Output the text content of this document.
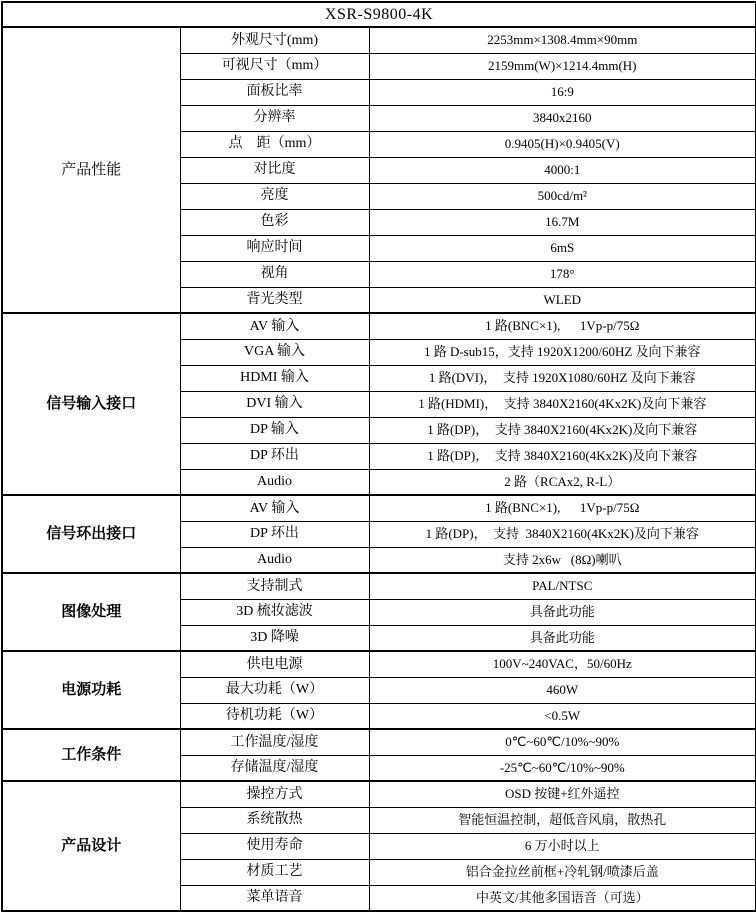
XSR-S9800-4K		
产品性能	外观尺寸(mm)	2253mm×1308.4mm×90mm
	可视尺寸（mm）	2159mm(W)×1214.4mm(H)
	面板比率	16:9
	分辨率	3840x2160
	点　距（mm）	0.9405(H)×0.9405(V)
	对比度	4000:1
	亮度	500cd/m²
	色彩	16.7M
	响应时间	6mS
	视角	178°
	背光类型	WLED
信号输入接口	AV 输入	1 路(BNC×1),      1Vp-p/75Ω
	VGA 输入	1 路 D-sub15，支持 1920X1200/60HZ 及向下兼容
	HDMI 输入	1 路(DVI)，  支持 1920X1080/60HZ 及向下兼容
	DVI 输入	1 路(HDMI)，  支持 3840X2160(4Kx2K)及向下兼容
	DP 输入	1 路(DP)，  支持 3840X2160(4Kx2K)及向下兼容
	DP 环出	1 路(DP)，  支持 3840X2160(4Kx2K)及向下兼容
	Audio	2 路（RCAx2, R-L）
信号环出接口	AV 输入	1 路(BNC×1),      1Vp-p/75Ω
	DP 环出	1 路(DP)，  支持  3840X2160(4Kx2K)及向下兼容
	Audio	支持 2x6w   (8Ω)喇叭
图像处理	支持制式	PAL/NTSC
	3D 梳妆滤波	具备此功能
	3D 降噪	具备此功能
电源功耗	供电电源	100V~240VAC，50/60Hz
	最大功耗（W）	460W
	待机功耗（W）	<0.5W
工作条件	工作温度/湿度	0℃~60℃/10%~90%
	存储温度/湿度	-25℃~60℃/10%~90%
产品设计	操控方式	OSD 按键+红外遥控
	系统散热	智能恒温控制，超低音风扇，散热孔
	使用寿命	6 万小时以上
	材质工艺	铝合金拉丝前框+冷轧钢/喷漆后盖
	菜单语音	中英文/其他多国语音（可选）
